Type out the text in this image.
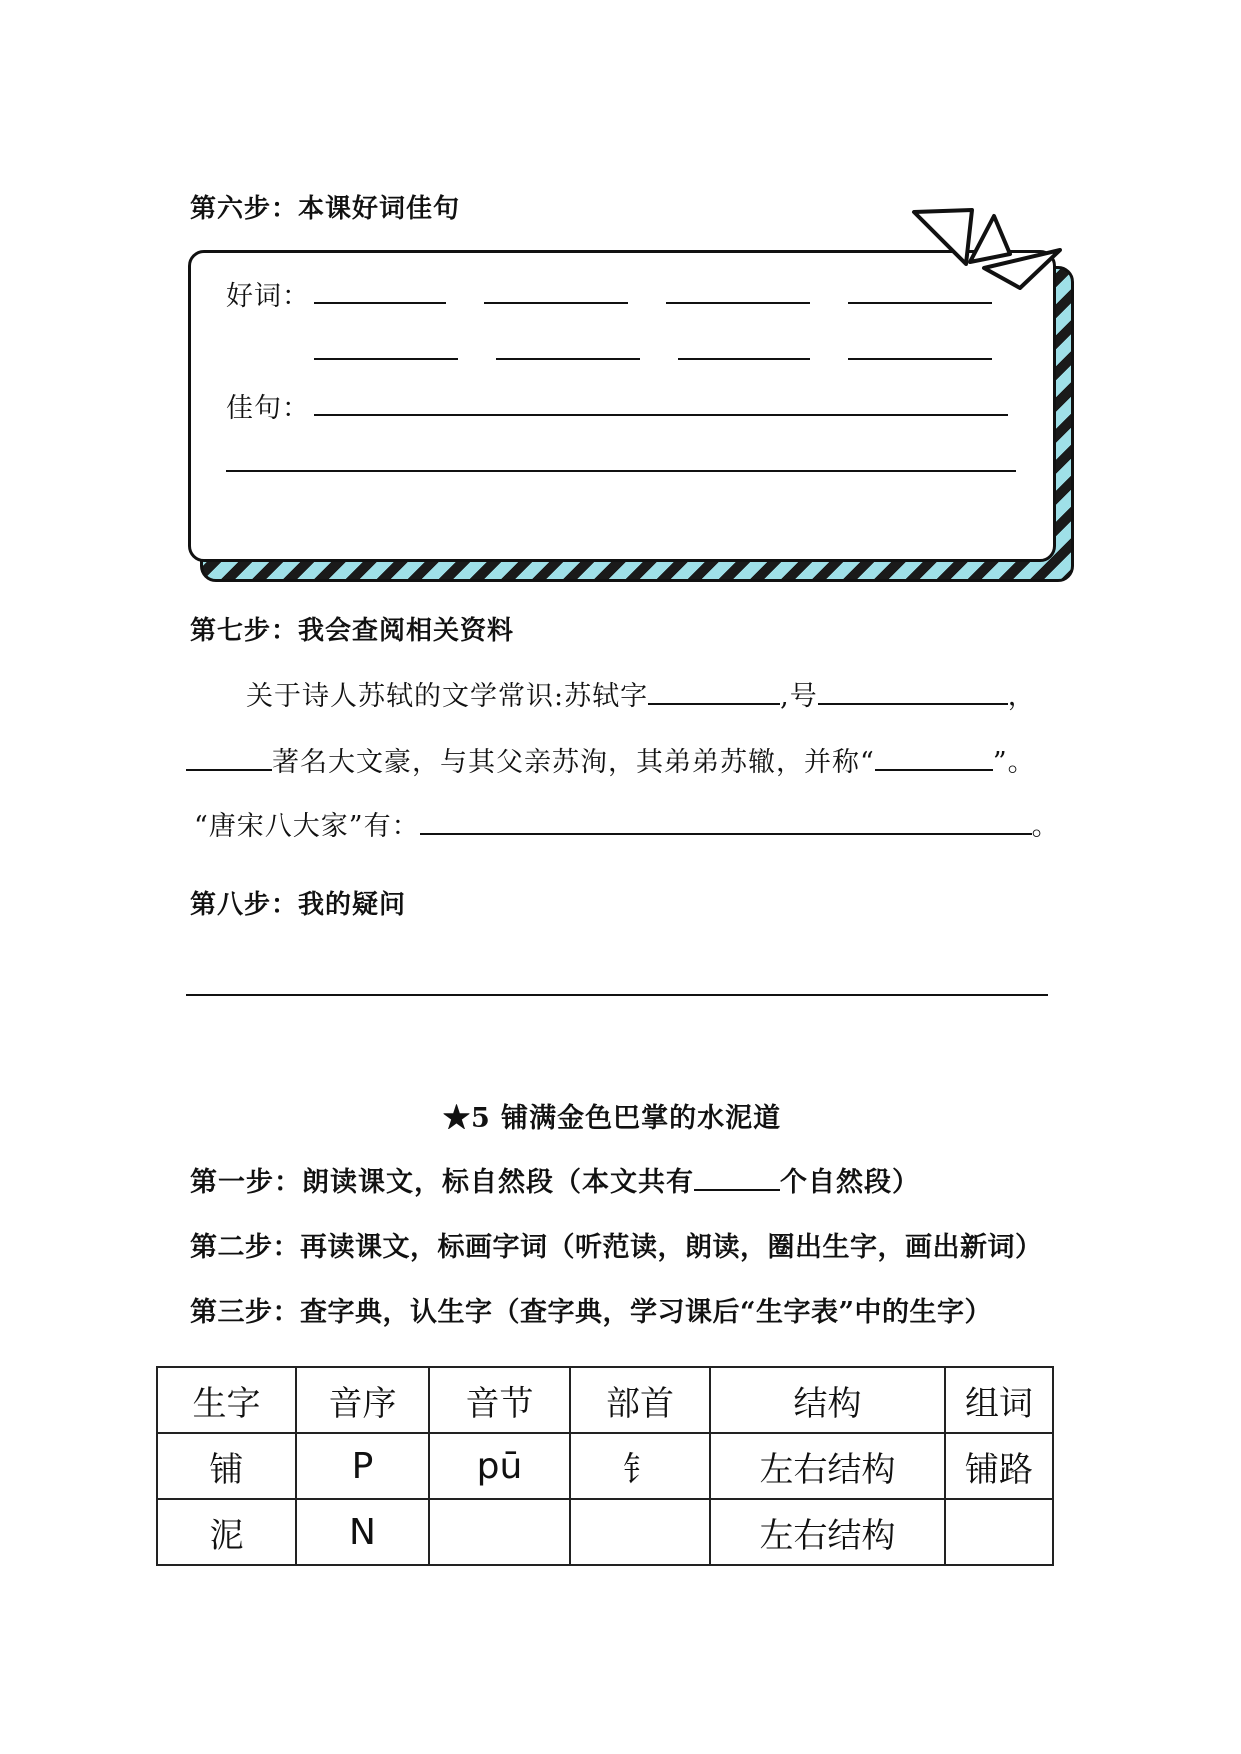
第六步：本课好词佳句
好词：
佳句：
第七步：我会查阅相关资料
关于诗人苏轼的文学常识:苏轼字	,号	，
著名大文豪，与其父亲苏洵，其弟弟苏辙，并称“	”。
“唐宋八大家”有：	。
第八步：我的疑问
★5 铺满金色巴掌的水泥道
第一步：朗读课文，标自然段（本文共有	个自然段）
第二步：再读课文，标画字词（听范读，朗读，圈出生字，画出新词）
第三步：查字典，认生字（查字典，学习课后“生字表”中的生字）
生字	音序	音节	部首	结构	组词
铺	P	pū	钅	左右结构	铺路
泥	N			左右结构	
